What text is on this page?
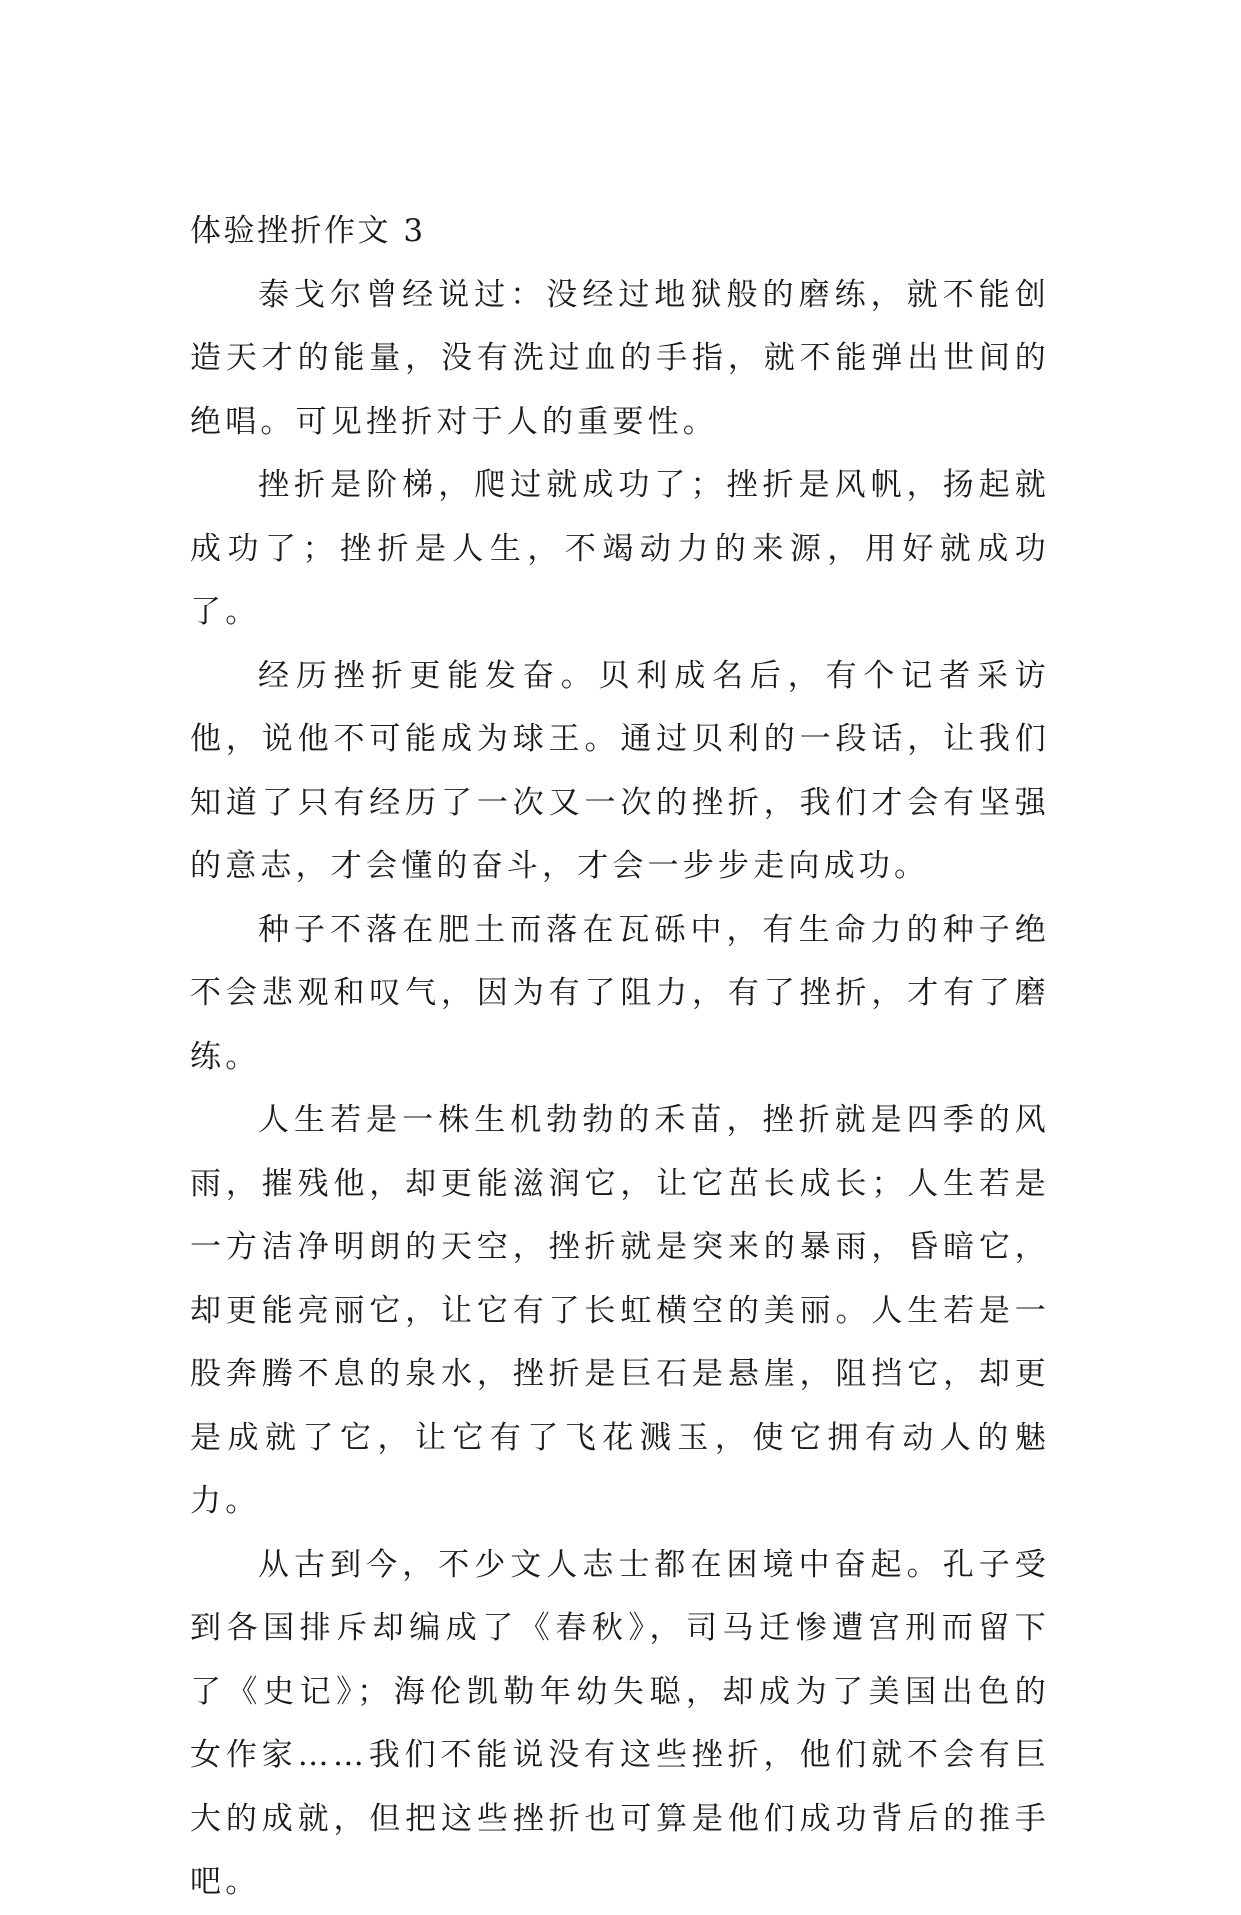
体验挫折作文 3

泰戈尔曾经说过：没经过地狱般的磨练，就不能创造天才的能量，没有洗过血的手指，就不能弹出世间的绝唱。可见挫折对于人的重要性。

挫折是阶梯，爬过就成功了；挫折是风帆，扬起就成功了；挫折是人生，不竭动力的来源，用好就成功了。

经历挫折更能发奋。贝利成名后，有个记者采访他，说他不可能成为球王。通过贝利的一段话，让我们知道了只有经历了一次又一次的挫折，我们才会有坚强的意志，才会懂的奋斗，才会一步步走向成功。

种子不落在肥土而落在瓦砾中，有生命力的种子绝不会悲观和叹气，因为有了阻力，有了挫折，才有了磨练。

人生若是一株生机勃勃的禾苗，挫折就是四季的风雨，摧残他，却更能滋润它，让它茁长成长；人生若是一方洁净明朗的天空，挫折就是突来的暴雨，昏暗它，却更能亮丽它，让它有了长虹横空的美丽。人生若是一股奔腾不息的泉水，挫折是巨石是悬崖，阻挡它，却更是成就了它，让它有了飞花溅玉，使它拥有动人的魅力。

从古到今，不少文人志士都在困境中奋起。孔子受到各国排斥却编成了《春秋》，司马迁惨遭宫刑而留下了《史记》；海伦凯勒年幼失聪，却成为了美国出色的女作家……我们不能说没有这些挫折，他们就不会有巨大的成就，但把这些挫折也可算是他们成功背后的推手吧。
